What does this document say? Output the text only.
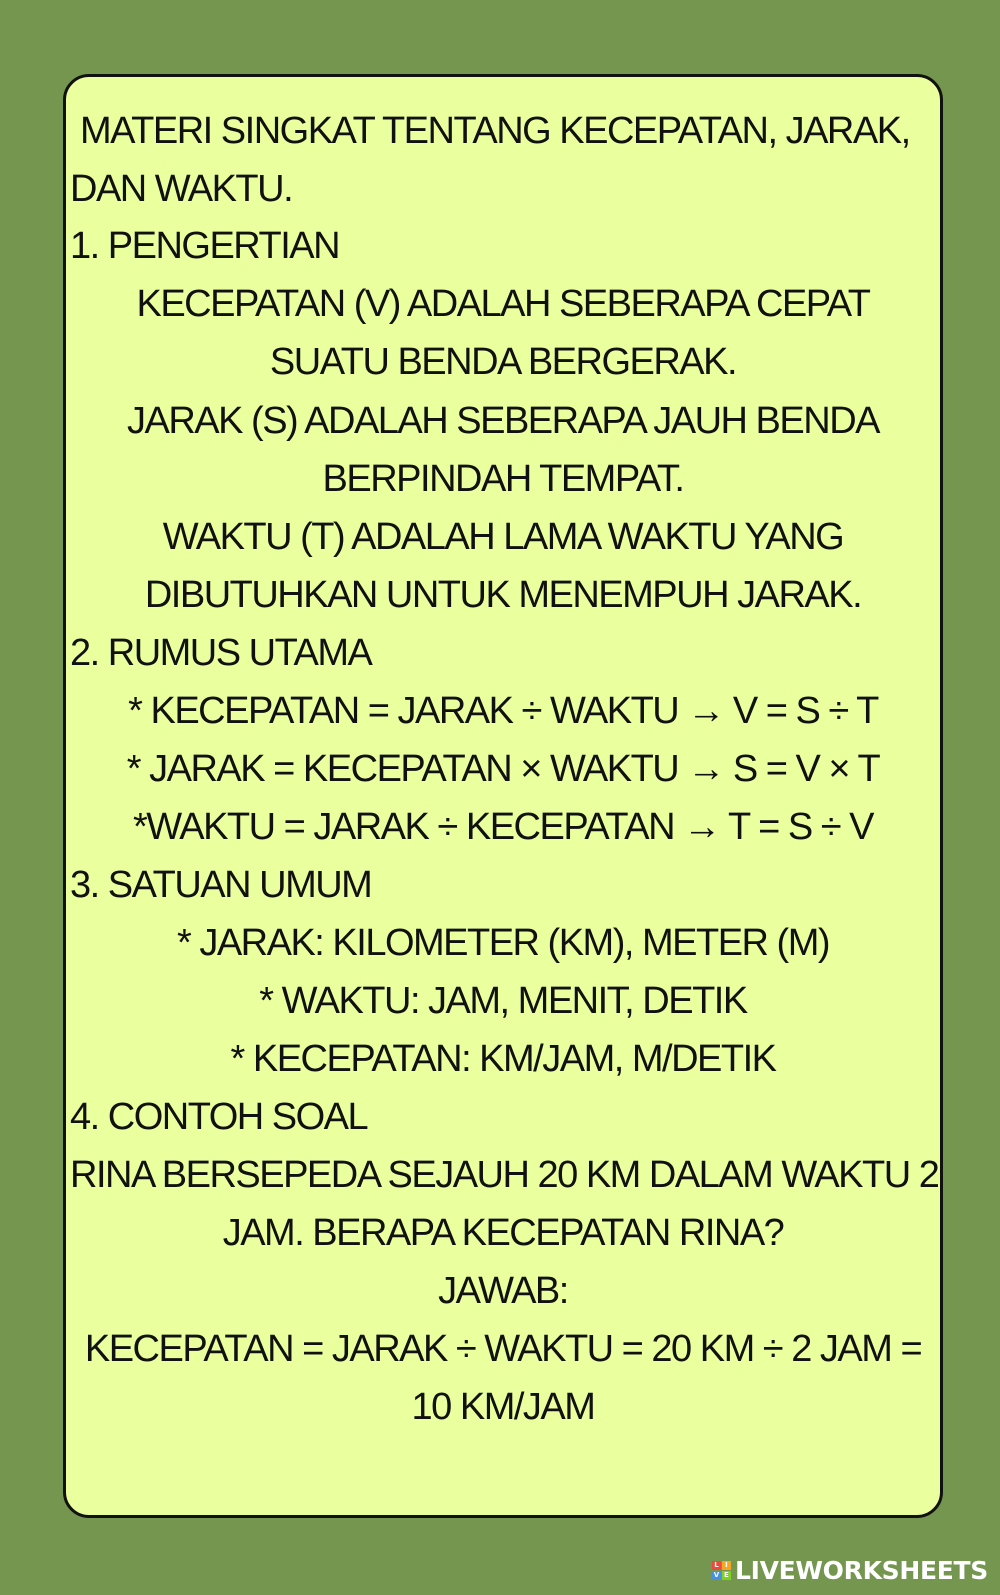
MATERI SINGKAT TENTANG KECEPATAN, JARAK,
DAN WAKTU.
1. PENGERTIAN
KECEPATAN (V) ADALAH SEBERAPA CEPAT
SUATU BENDA BERGERAK.
JARAK (S) ADALAH SEBERAPA JAUH BENDA
BERPINDAH TEMPAT.
WAKTU (T) ADALAH LAMA WAKTU YANG
DIBUTUHKAN UNTUK MENEMPUH JARAK.
2. RUMUS UTAMA
* KECEPATAN = JARAK ÷ WAKTU → V = S ÷ T
* JARAK = KECEPATAN × WAKTU → S = V × T
*WAKTU = JARAK ÷ KECEPATAN → T = S ÷ V
3. SATUAN UMUM
* JARAK: KILOMETER (KM), METER (M)
* WAKTU: JAM, MENIT, DETIK
* KECEPATAN: KM/JAM, M/DETIK
4. CONTOH SOAL
RINA BERSEPEDA SEJAUH 20 KM DALAM WAKTU 2
JAM. BERAPA KECEPATAN RINA?
JAWAB:
KECEPATAN = JARAK ÷ WAKTU = 20 KM ÷ 2 JAM =
10 KM/JAM
L I
V E LIVEWORKSHEETS
